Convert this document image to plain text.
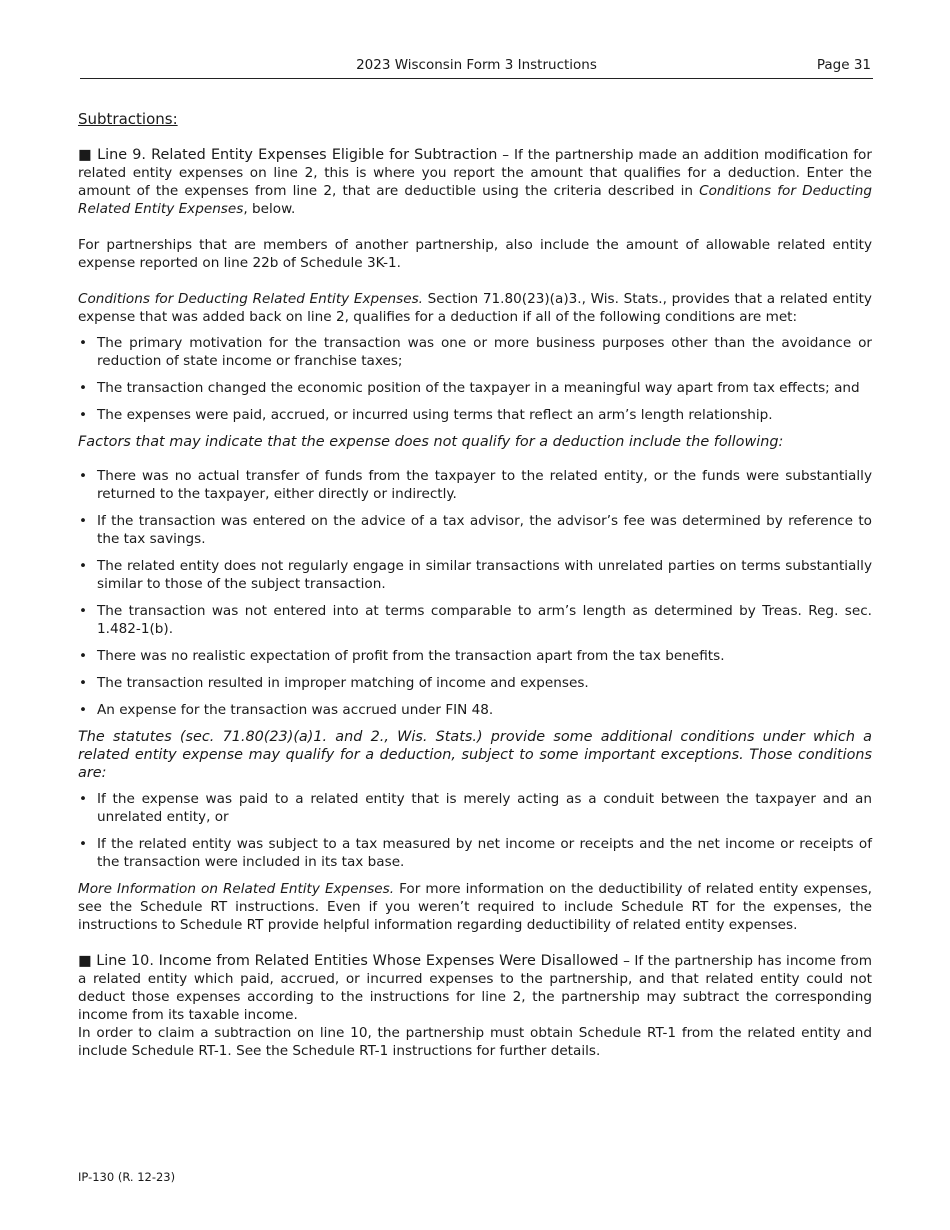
2023 Wisconsin Form 3 Instructions	Page 31

Subtractions:

■ Line 9. Related Entity Expenses Eligible for Subtraction – If the partnership made an addition modification for related entity expenses on line 2, this is where you report the amount that qualifies for a deduction. Enter the amount of the expenses from line 2, that are deductible using the criteria described in Conditions for Deducting Related Entity Expenses, below.

For partnerships that are members of another partnership, also include the amount of allowable related entity expense reported on line 22b of Schedule 3K-1.

Conditions for Deducting Related Entity Expenses. Section 71.80(23)(a)3., Wis. Stats., provides that a related entity expense that was added back on line 2, qualifies for a deduction if all of the following conditions are met:

• The primary motivation for the transaction was one or more business purposes other than the avoidance or reduction of state income or franchise taxes;
• The transaction changed the economic position of the taxpayer in a meaningful way apart from tax effects; and
• The expenses were paid, accrued, or incurred using terms that reflect an arm’s length relationship.

Factors that may indicate that the expense does not qualify for a deduction include the following:

• There was no actual transfer of funds from the taxpayer to the related entity, or the funds were substantially returned to the taxpayer, either directly or indirectly.
• If the transaction was entered on the advice of a tax advisor, the advisor’s fee was determined by reference to the tax savings.
• The related entity does not regularly engage in similar transactions with unrelated parties on terms substantially similar to those of the subject transaction.
• The transaction was not entered into at terms comparable to arm’s length as determined by Treas. Reg. sec. 1.482-1(b).
• There was no realistic expectation of profit from the transaction apart from the tax benefits.
• The transaction resulted in improper matching of income and expenses.
• An expense for the transaction was accrued under FIN 48.

The statutes (sec. 71.80(23)(a)1. and 2., Wis. Stats.) provide some additional conditions under which a related entity expense may qualify for a deduction, subject to some important exceptions. Those conditions are:

• If the expense was paid to a related entity that is merely acting as a conduit between the taxpayer and an unrelated entity, or
• If the related entity was subject to a tax measured by net income or receipts and the net income or receipts of the transaction were included in its tax base.

More Information on Related Entity Expenses. For more information on the deductibility of related entity expenses, see the Schedule RT instructions. Even if you weren’t required to include Schedule RT for the expenses, the instructions to Schedule RT provide helpful information regarding deductibility of related entity expenses.

■ Line 10. Income from Related Entities Whose Expenses Were Disallowed – If the partnership has income from a related entity which paid, accrued, or incurred expenses to the partnership, and that related entity could not deduct those expenses according to the instructions for line 2, the partnership may subtract the corresponding income from its taxable income.

In order to claim a subtraction on line 10, the partnership must obtain Schedule RT-1 from the related entity and include Schedule RT-1. See the Schedule RT-1 instructions for further details.

IP-130 (R. 12-23)
